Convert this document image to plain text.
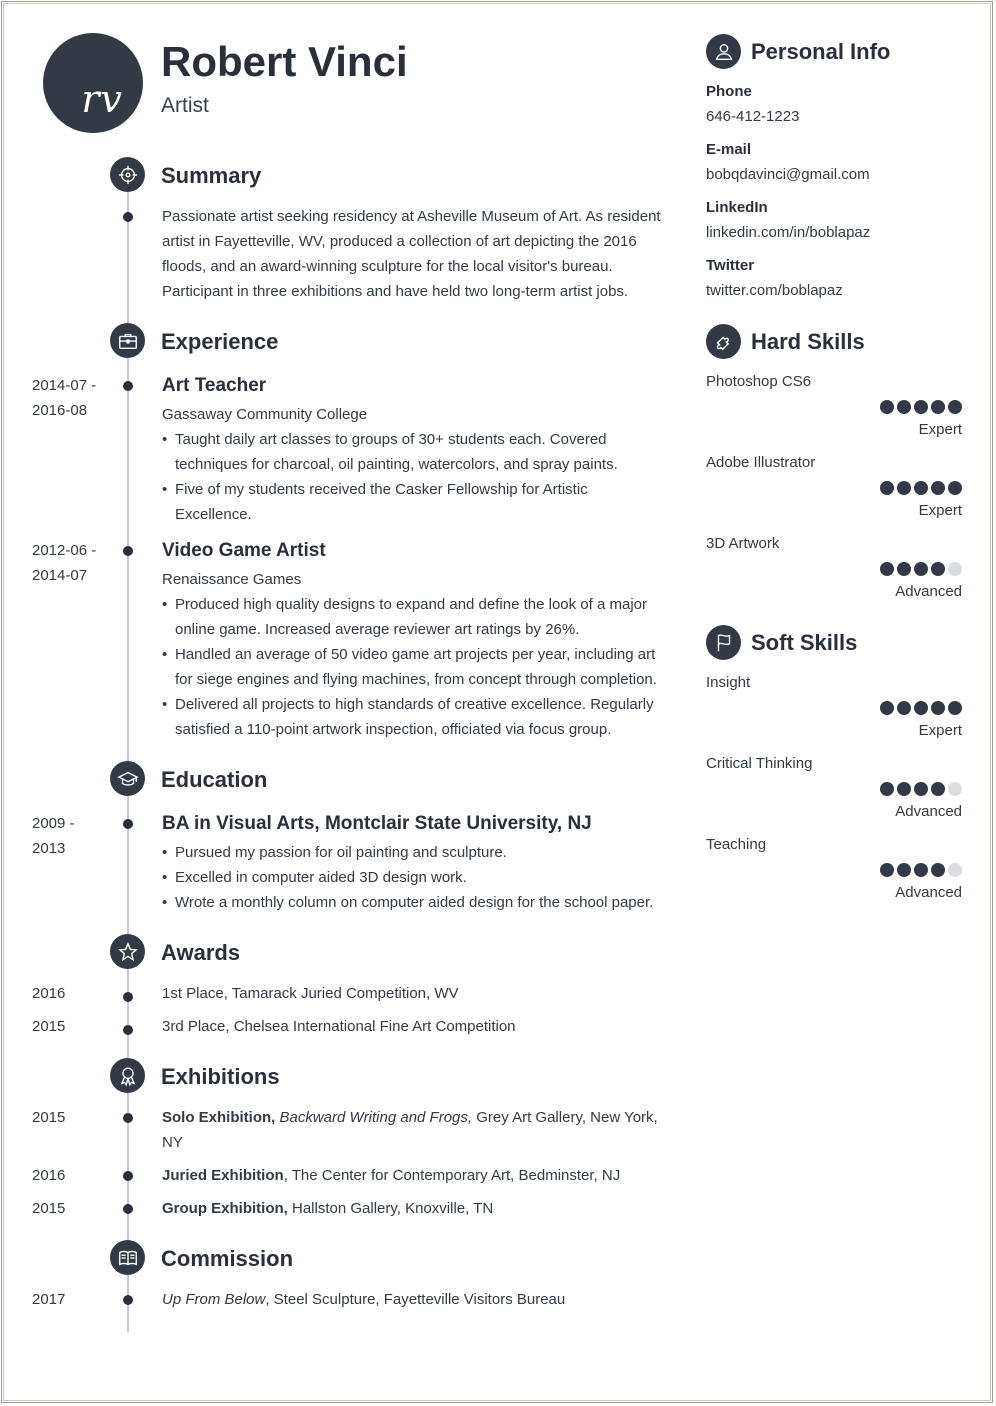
rv
Robert Vinci
Artist
Summary
Passionate artist seeking residency at Asheville Museum of Art. As resident artist in Fayetteville, WV, produced a collection of art depicting the 2016 floods, and an award-winning sculpture for the local visitor's bureau. Participant in three exhibitions and have held two long-term artist jobs.
Experience
2014-07 -
2016-08
Art Teacher
Gassaway Community College
• Taught daily art classes to groups of 30+ students each. Covered techniques for charcoal, oil painting, watercolors, and spray paints.
• Five of my students received the Casker Fellowship for Artistic Excellence.
2012-06 -
2014-07
Video Game Artist
Renaissance Games
• Produced high quality designs to expand and define the look of a major online game. Increased average reviewer art ratings by 26%.
• Handled an average of 50 video game art projects per year, including art for siege engines and flying machines, from concept through completion.
• Delivered all projects to high standards of creative excellence. Regularly satisfied a 110-point artwork inspection, officiated via focus group.
Education
2009 -
2013
BA in Visual Arts, Montclair State University, NJ
• Pursued my passion for oil painting and sculpture.
• Excelled in computer aided 3D design work.
• Wrote a monthly column on computer aided design for the school paper.
Awards
2016	1st Place, Tamarack Juried Competition, WV
2015	3rd Place, Chelsea International Fine Art Competition
Exhibitions
2015	Solo Exhibition, Backward Writing and Frogs, Grey Art Gallery, New York, NY
2016	Juried Exhibition, The Center for Contemporary Art, Bedminster, NJ
2015	Group Exhibition, Hallston Gallery, Knoxville, TN
Commission
2017	Up From Below, Steel Sculpture, Fayetteville Visitors Bureau
Personal Info
Phone
646-412-1223
E-mail
bobqdavinci@gmail.com
LinkedIn
linkedin.com/in/boblapaz
Twitter
twitter.com/boblapaz
Hard Skills
Photoshop CS6
Expert
Adobe Illustrator
Expert
3D Artwork
Advanced
Soft Skills
Insight
Expert
Critical Thinking
Advanced
Teaching
Advanced
